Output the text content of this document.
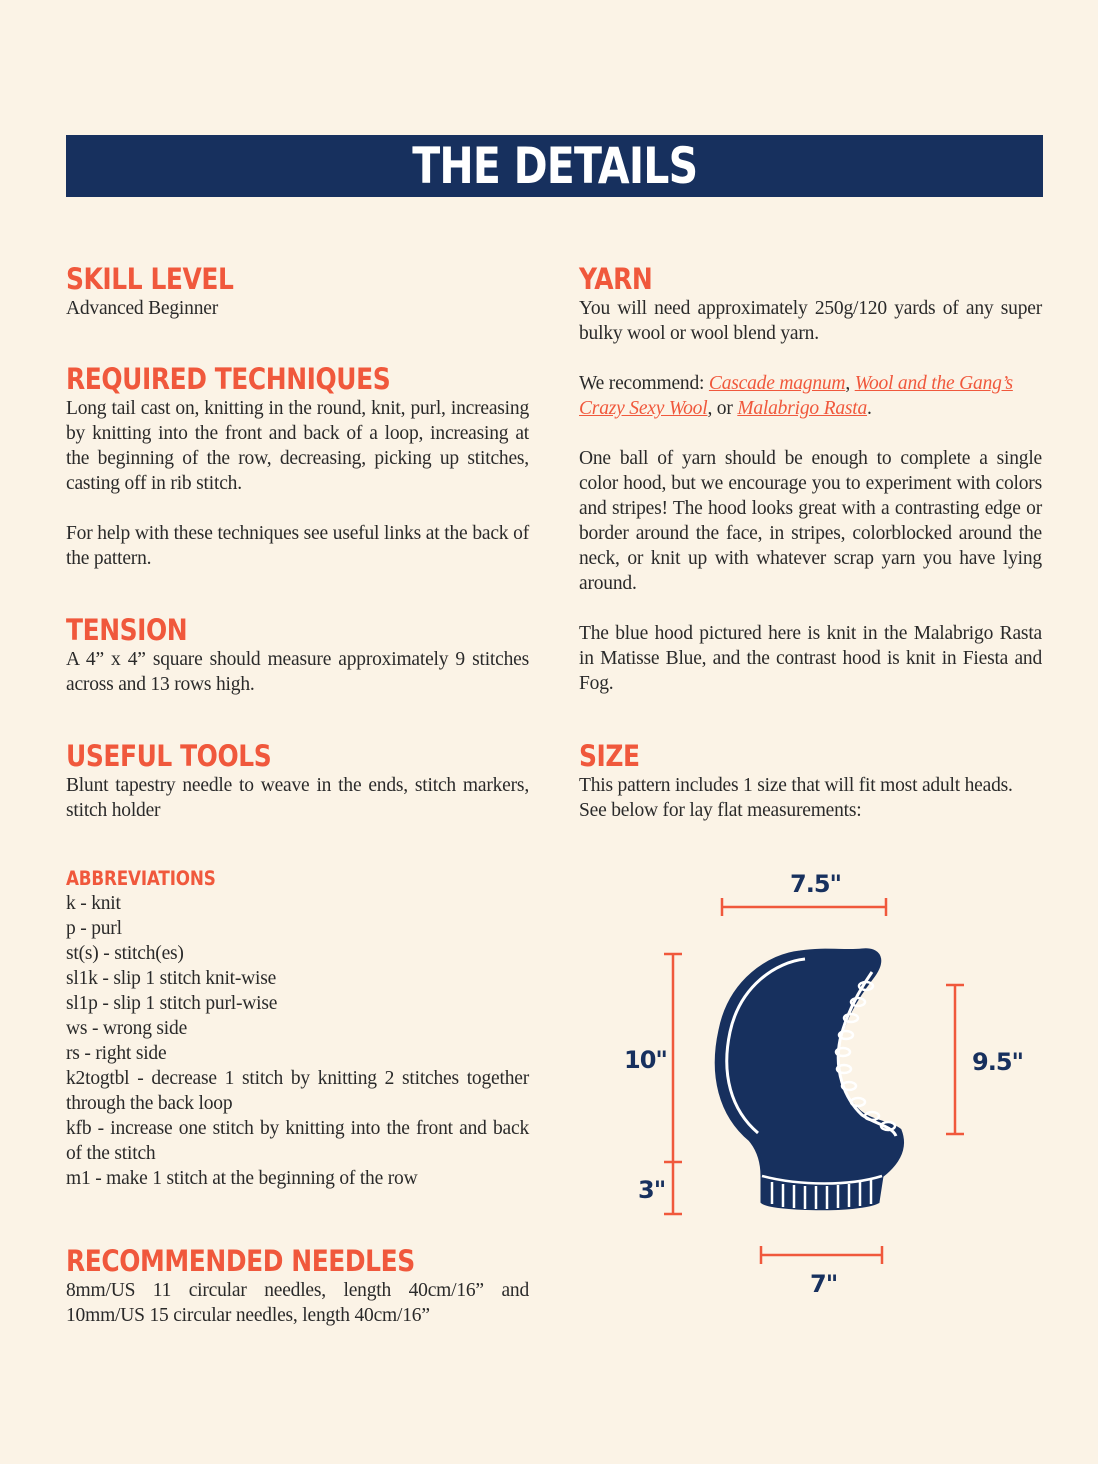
THE DETAILS
SKILL LEVEL

Advanced Beginner

REQUIRED TECHNIQUES

Long tail cast on, knitting in the round, knit, purl, increasing by knitting into the front and back of a loop, increasing at the beginning of the row, decreasing, picking up stitches, casting off in rib stitch.

For help with these techniques see useful links at the back of the pattern.

TENSION

A 4” x 4” square should measure approximately 9 stitches across and 13 rows high.

USEFUL TOOLS

Blunt tapestry needle to weave in the ends, stitch markers, stitch holder

ABBREVIATIONS
k - knit
p - purl
st(s) - stitch(es)
sl1k - slip 1 stitch knit-wise
sl1p - slip 1 stitch purl-wise
ws - wrong side
rs - right side
k2togtbl - decrease 1 stitch by knitting 2 stitches together through the back loop
kfb - increase one stitch by knitting into the front and back of the stitch
m1 - make 1 stitch at the beginning of the row
RECOMMENDED NEEDLES

8mm/US 11 circular needles, length 40cm/16” and 10mm/US 15 circular needles, length 40cm/16”

YARN

You will need approximately 250g/120 yards of any super bulky wool or wool blend yarn.

We recommend: Cascade magnum, Wool and the Gang’s Crazy Sexy Wool, or Malabrigo Rasta.

One ball of yarn should be enough to complete a single color hood, but we encourage you to experiment with colors and stripes! The hood looks great with a contrasting edge or border around the face, in stripes, colorblocked around the neck, or knit up with whatever scrap yarn you have lying around.

The blue hood pictured here is knit in the Malabrigo Rasta in Matisse Blue, and the contrast hood is knit in Fiesta and Fog.

SIZE

This pattern includes 1 size that will fit most adult heads. See below for lay flat measurements:

7.5"
10"	9.5"
3"
7"
